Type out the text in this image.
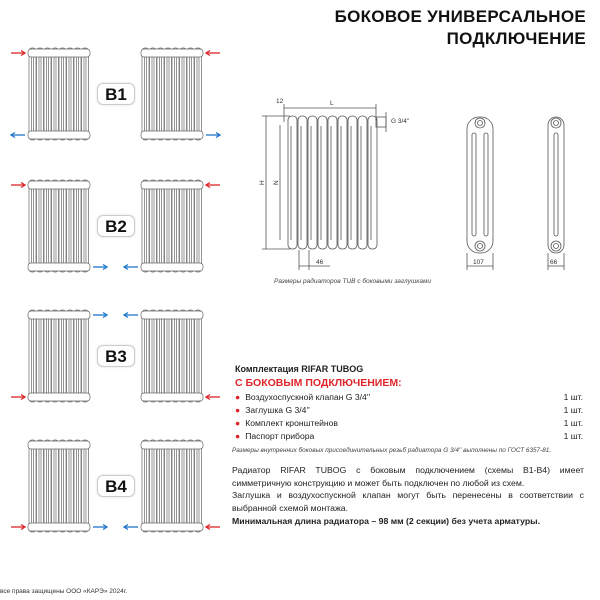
БОКОВОЕ УНИВЕРСАЛЬНОЕ
ПОДКЛЮЧЕНИЕ
B1
B2
B3
B4
12	L
H N
G 3/4''
46	107	66
Размеры радиаторов TUB с боковыми заглушками
Комплектация RIFAR TUBOG
С БОКОВЫМ ПОДКЛЮЧЕНИЕМ:
● Воздухоспускной клапан G 3/4''	1 шт.
● Заглушка G 3/4''	1 шт.
● Комплект кронштейнов	1 шт.
● Паспорт прибора	1 шт.
Размеры внутренних боковых присоединительных резьб радиатора G 3/4'' выполнены по ГОСТ 6357-81.
Радиатор RIFAR TUBOG с боковым подключением (схемы B1-B4) имеет симметричную конструкцию и может быть подключен по любой из схем.
Заглушка и воздухоспускной клапан могут быть перенесены в соответствии с выбранной схемой монтажа.
Минимальная длина радиатора – 98 мм (2 секции) без учета арматуры.
все права защищены ООО «КАРЭ» 2024г.
